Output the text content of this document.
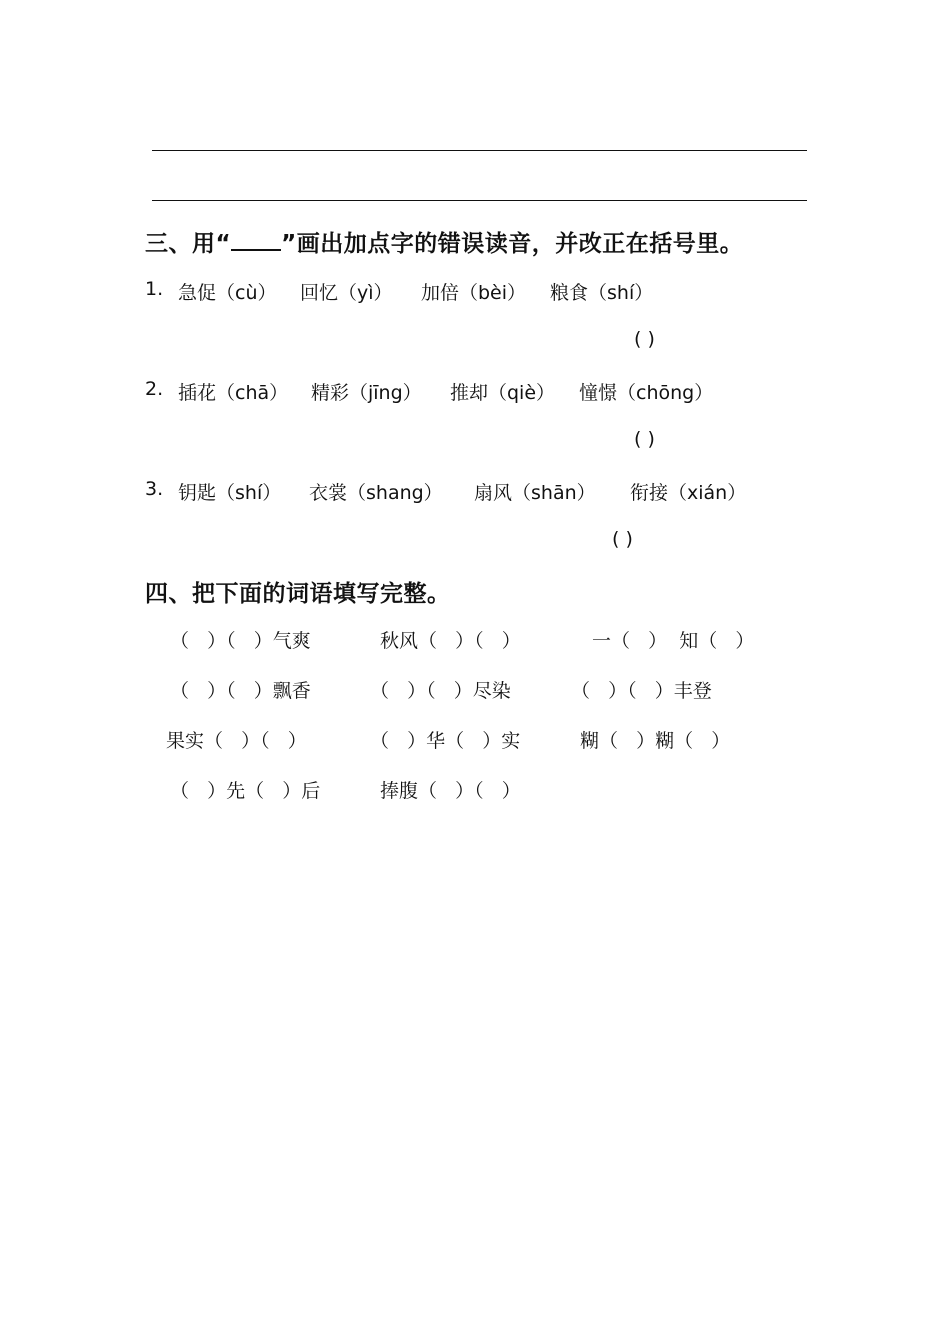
三、用“ ”画出加点字的错误读音，并改正在括号里。
1. 急促（cù） 回忆（yì） 加倍（bèi） 粮食（shí）
( )
2. 插花（chā） 精彩（jīng） 推却（qiè） 憧憬（chōng）
( )
3. 钥匙（shí） 衣裳（shang） 扇风（shān） 衔接（xián）
( )
四、把下面的词语填写完整。
（   ）（   ）气爽	秋风（   ）（   ）	一（   ）  知（   ）
（   ）（   ）飘香	（   ）（   ）尽染	（   ）（   ）丰登
果实（   ）（   ）	（   ）华（   ）实	糊（   ）糊（   ）
（   ）先（   ）后	捧腹（   ）（   ）
